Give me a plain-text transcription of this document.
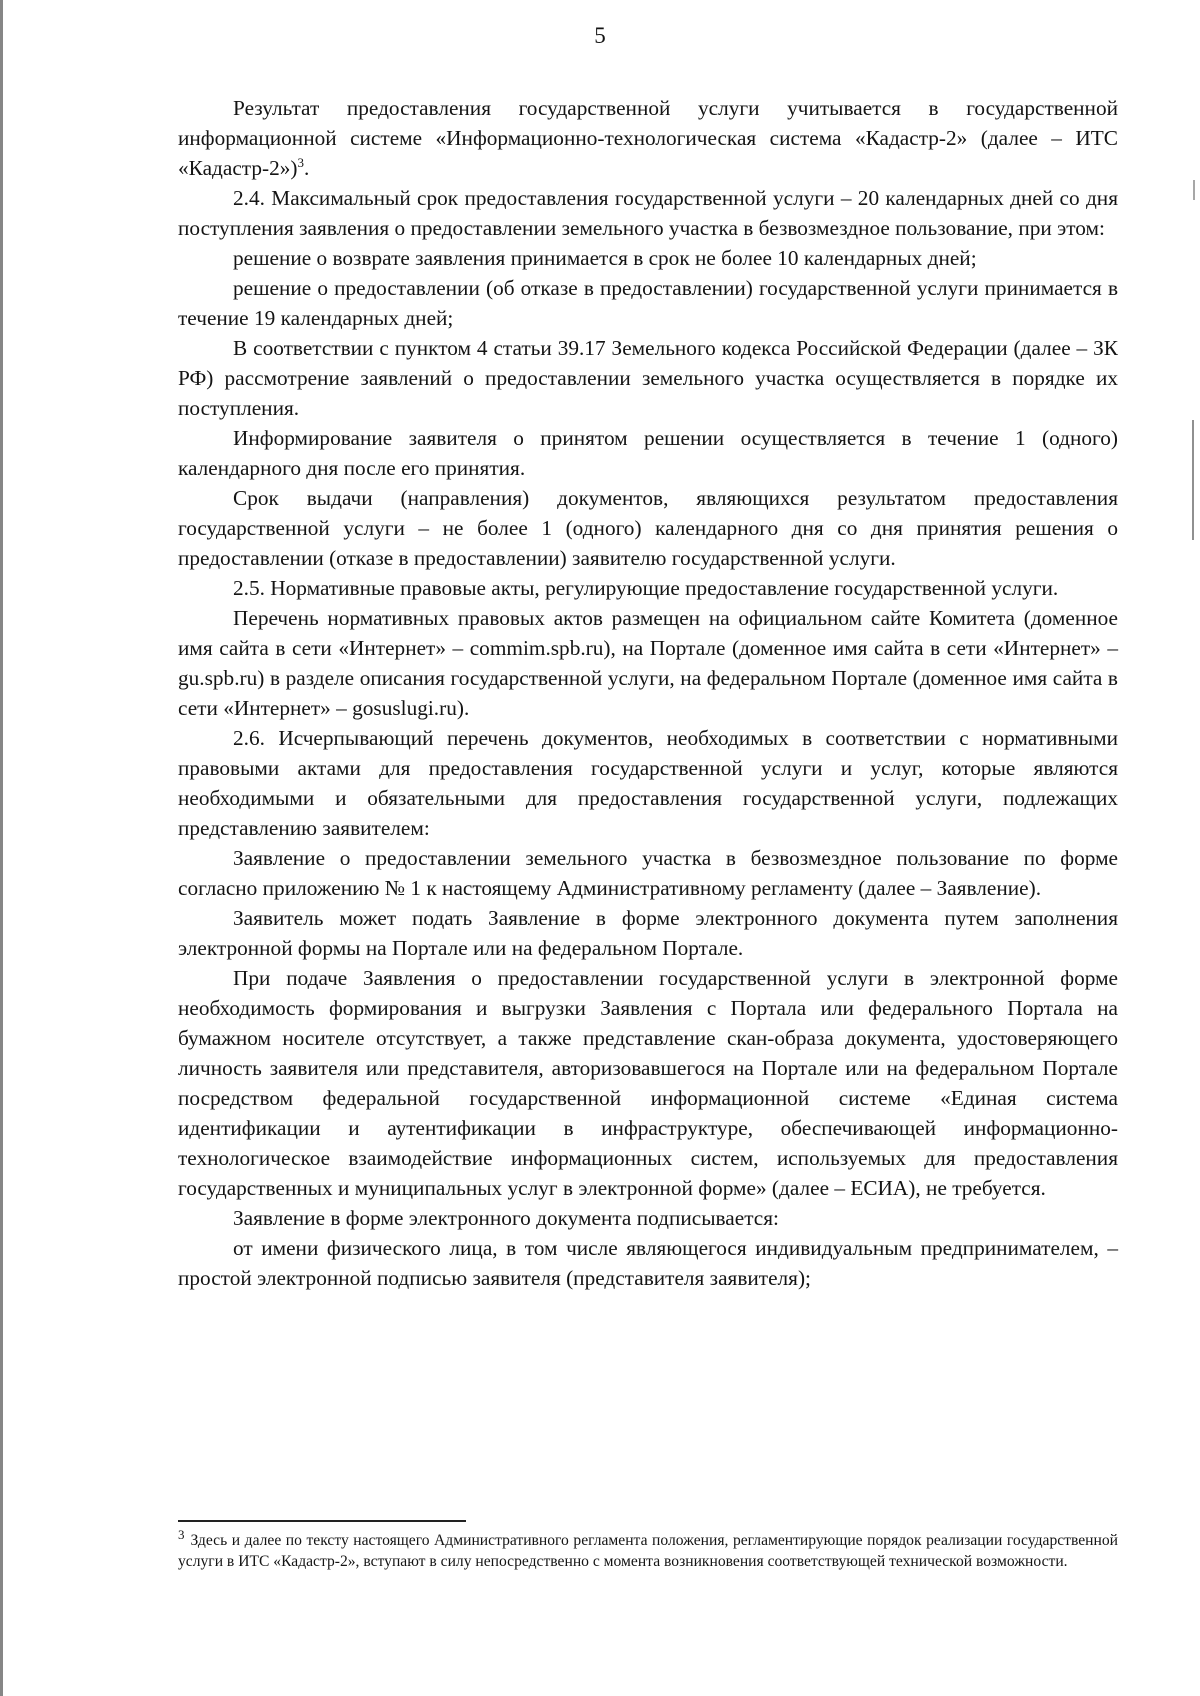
5

Результат предоставления государственной услуги учитывается в государственной информационной системе «Информационно-технологическая система «Кадастр-2» (далее – ИТС «Кадастр-2»)$^3$.

2.4. Максимальный срок предоставления государственной услуги – 20 календарных дней со дня поступления заявления о предоставлении земельного участка в безвозмездное пользование, при этом:

решение о возврате заявления принимается в срок не более 10 календарных дней;

решение о предоставлении (об отказе в предоставлении) государственной услуги принимается в течение 19 календарных дней;

В соответствии с пунктом 4 статьи 39.17 Земельного кодекса Российской Федерации (далее – ЗК РФ) рассмотрение заявлений о предоставлении земельного участка осуществляется в порядке их поступления.

Информирование заявителя о принятом решении осуществляется в течение 1 (одного) календарного дня после его принятия.

Срок выдачи (направления) документов, являющихся результатом предоставления государственной услуги – не более 1 (одного) календарного дня со дня принятия решения о предоставлении (отказе в предоставлении) заявителю государственной услуги.

2.5. Нормативные правовые акты, регулирующие предоставление государственной услуги.

Перечень нормативных правовых актов размещен на официальном сайте Комитета (доменное имя сайта в сети «Интернет» – commim.spb.ru), на Портале (доменное имя сайта в сети «Интернет» – gu.spb.ru) в разделе описания государственной услуги, на федеральном Портале (доменное имя сайта в сети «Интернет» – gosuslugi.ru).

2.6. Исчерпывающий перечень документов, необходимых в соответствии с нормативными правовыми актами для предоставления государственной услуги и услуг, которые являются необходимыми и обязательными для предоставления государственной услуги, подлежащих представлению заявителем:

Заявление о предоставлении земельного участка в безвозмездное пользование по форме согласно приложению № 1 к настоящему Административному регламенту (далее – Заявление).

Заявитель может подать Заявление в форме электронного документа путем заполнения электронной формы на Портале или на федеральном Портале.

При подаче Заявления о предоставлении государственной услуги в электронной форме необходимость формирования и выгрузки Заявления с Портала или федерального Портала на бумажном носителе отсутствует, а также представление скан-образа документа, удостоверяющего личность заявителя или представителя, авторизовавшегося на Портале или на федеральном Портале посредством федеральной государственной информационной системе «Единая система идентификации и аутентификации в инфраструктуре, обеспечивающей информационно-технологическое взаимодействие информационных систем, используемых для предоставления государственных и муниципальных услуг в электронной форме» (далее – ЕСИА), не требуется.

Заявление в форме электронного документа подписывается:

от имени физического лица, в том числе являющегося индивидуальным предпринимателем, – простой электронной подписью заявителя (представителя заявителя);

$^3$ Здесь и далее по тексту настоящего Административного регламента положения, регламентирующие порядок реализации государственной услуги в ИТС «Кадастр-2», вступают в силу непосредственно с момента возникновения соответствующей технической возможности.
